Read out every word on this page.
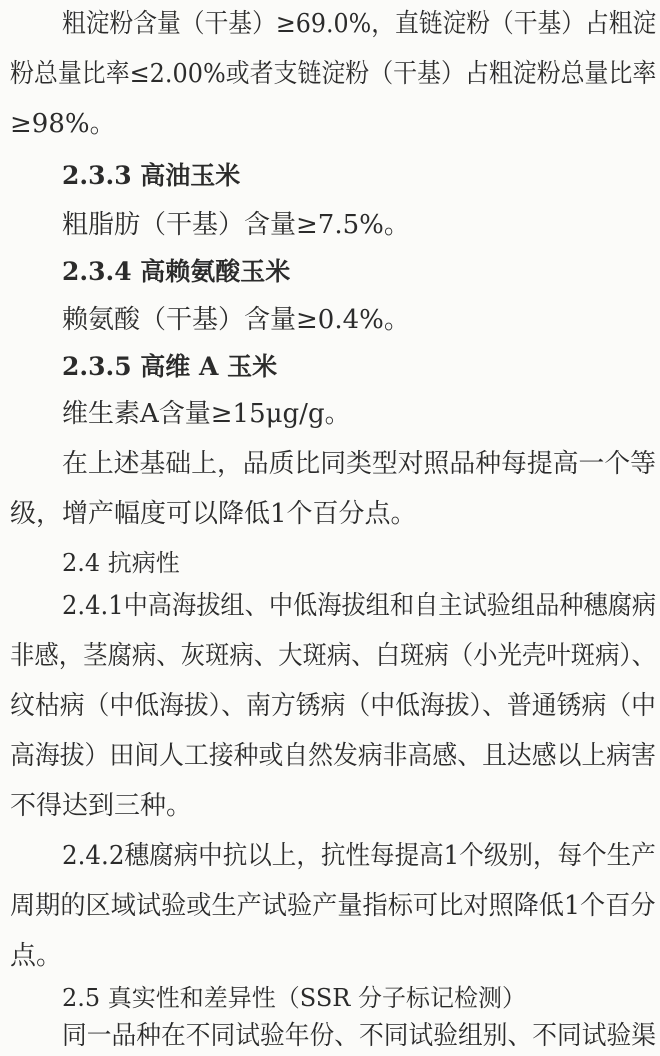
粗淀粉含量（干基）≥69.0%，直链淀粉（干基）占粗淀
粉总量比率≤2.00%或者支链淀粉（干基）占粗淀粉总量比率
≥98%。
2.3.3 高油玉米
粗脂肪（干基）含量≥7.5%。
2.3.4 高赖氨酸玉米
赖氨酸（干基）含量≥0.4%。
2.3.5 高维 A 玉米
维生素A含量≥15μg/g。
在上述基础上，品质比同类型对照品种每提高一个等
级，增产幅度可以降低1个百分点。
2.4 抗病性
2.4.1中高海拔组、中低海拔组和自主试验组品种穗腐病
非感，茎腐病、灰斑病、大斑病、白斑病（小光壳叶斑病）、
纹枯病（中低海拔）、南方锈病（中低海拔）、普通锈病（中
高海拔）田间人工接种或自然发病非高感、且达感以上病害
不得达到三种。
2.4.2穗腐病中抗以上，抗性每提高1个级别，每个生产
周期的区域试验或生产试验产量指标可比对照降低1个百分
点。
2.5 真实性和差异性（SSR 分子标记检测）
同一品种在不同试验年份、不同试验组别、不同试验渠
